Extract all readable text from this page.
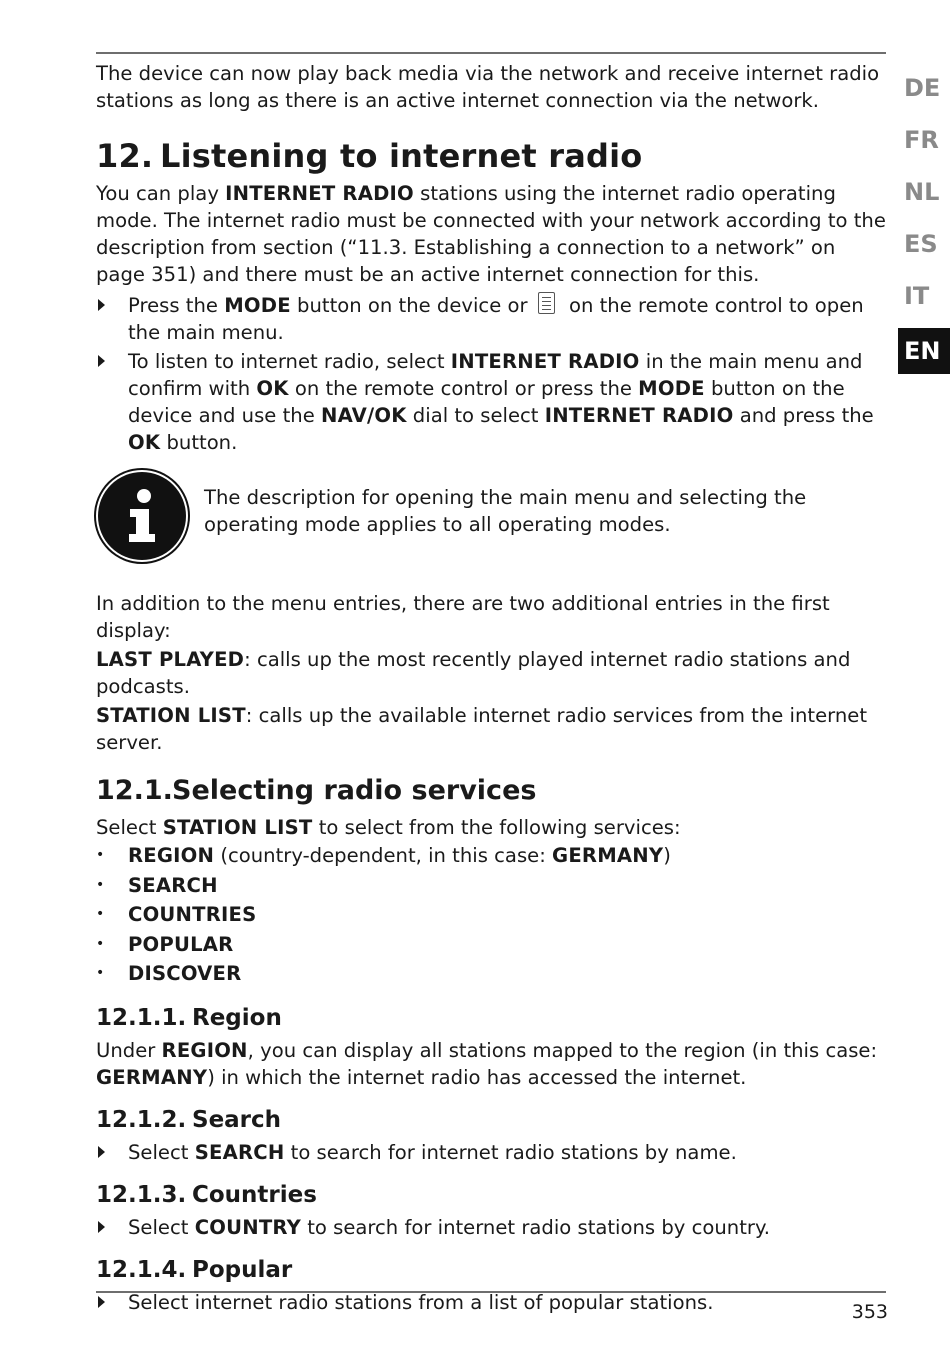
The device can now play back media via the network and receive internet radio stations as long as there is an active internet connection via the network.

12. Listening to internet radio

You can play INTERNET RADIO stations using the internet radio operating mode. The internet radio must be connected with your network according to the description from section (“11.3. Establishing a connection to a network” on page 351) and there must be an active internet connection for this.

Press the MODE button on the device or
on the remote control to open the main menu.
To listen to internet radio, select INTERNET RADIO in the main menu and confirm with OK on the remote control or press the MODE button on the device and use the NAV/OK dial to select INTERNET RADIO and press the OK button.

The description for opening the main menu and selecting the operating mode applies to all operating modes.

In addition to the menu entries, there are two additional entries in the first display:

LAST PLAYED: calls up the most recently played internet radio stations and podcasts.

STATION LIST: calls up the available internet radio services from the internet server.

12.1.Selecting radio services

Select STATION LIST to select from the following services:

• REGION (country-dependent, in this case: GERMANY)
• SEARCH
• COUNTRIES
• POPULAR
• DISCOVER
12.1.1. Region

Under REGION, you can display all stations mapped to the region (in this case: GERMANY) in which the internet radio has accessed the internet.

12.1.2. Search
Select SEARCH to search for internet radio stations by name.
12.1.3. Countries
Select COUNTRY to search for internet radio stations by country.
12.1.4. Popular
Select internet radio stations from a list of popular stations.
DE
FR
NL
ES
IT
EN
353
